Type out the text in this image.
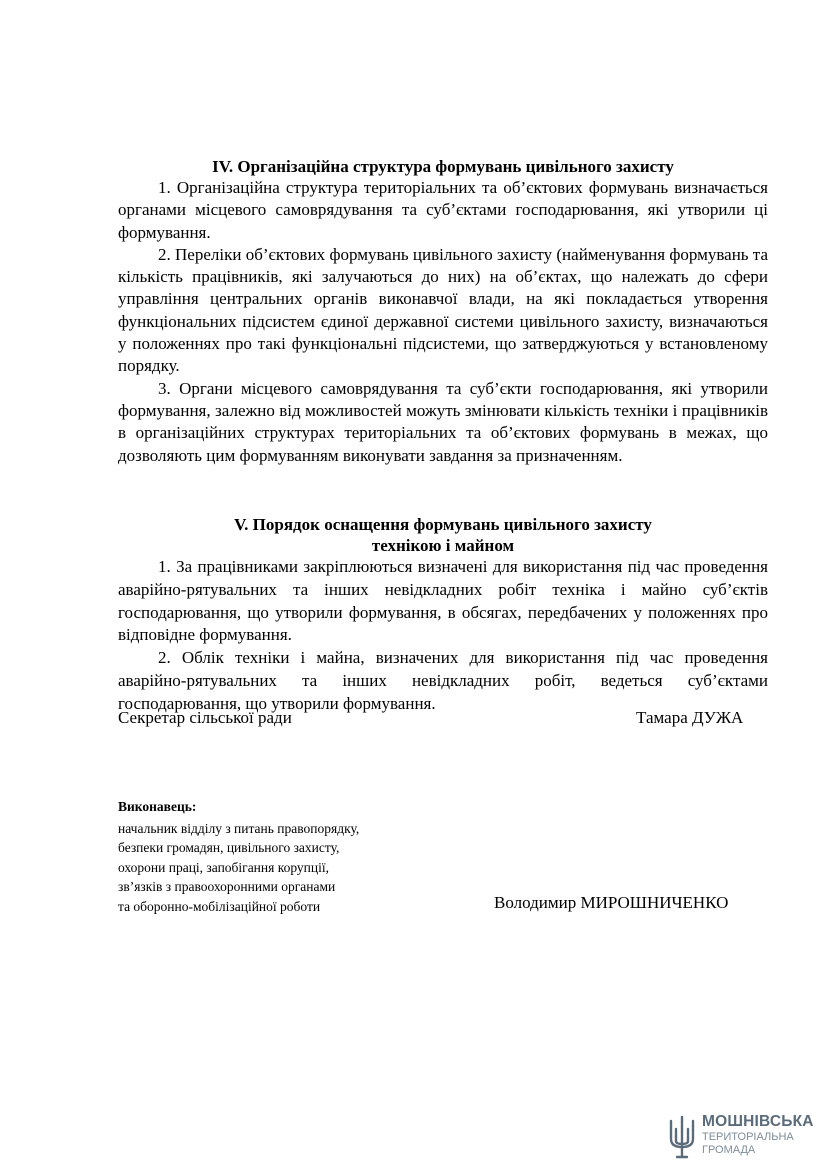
IV. Організаційна структура формувань цивільного захисту

1. Організаційна структура територіальних та об’єктових формувань визначається органами місцевого самоврядування та суб’єктами господарювання, які утворили ці формування.

2. Переліки об’єктових формувань цивільного захисту (найменування формувань та кількість працівників, які залучаються до них) на об’єктах, що належать до сфери управління центральних органів виконавчої влади, на які покладається утворення функціональних підсистем єдиної державної системи цивільного захисту, визначаються у положеннях про такі функціональні підсистеми, що затверджуються у встановленому порядку.

3. Органи місцевого самоврядування та суб’єкти господарювання, які утворили формування, залежно від можливостей можуть змінювати кількість техніки і працівників в організаційних структурах територіальних та об’єктових формувань в межах, що дозволяють цим формуванням виконувати завдання за призначенням.

V. Порядок оснащення формувань цивільного захисту

технікою і майном

1. За працівниками закріплюються визначені для використання під час проведення аварійно-рятувальних та інших невідкладних робіт техніка і майно суб’єктів господарювання, що утворили формування, в обсягах, передбачених у положеннях про відповідне формування.

2. Облік техніки і майна, визначених для використання під час проведення аварійно-рятувальних та інших невідкладних робіт, ведеться суб’єктами господарювання, що утворили формування.

Секретар сільської ради	Тамара ДУЖА
Виконавець:
начальник відділу з питань правопорядку,
безпеки громадян, цивільного захисту,
охорони праці, запобігання корупції,
зв’язків з правоохоронними органами
та оборонно-мобілізаційної роботи	Володимир МИРОШНИЧЕНКО
МОШНІВСЬКА
ТЕРИТОРІАЛЬНА
ГРОМАДА
